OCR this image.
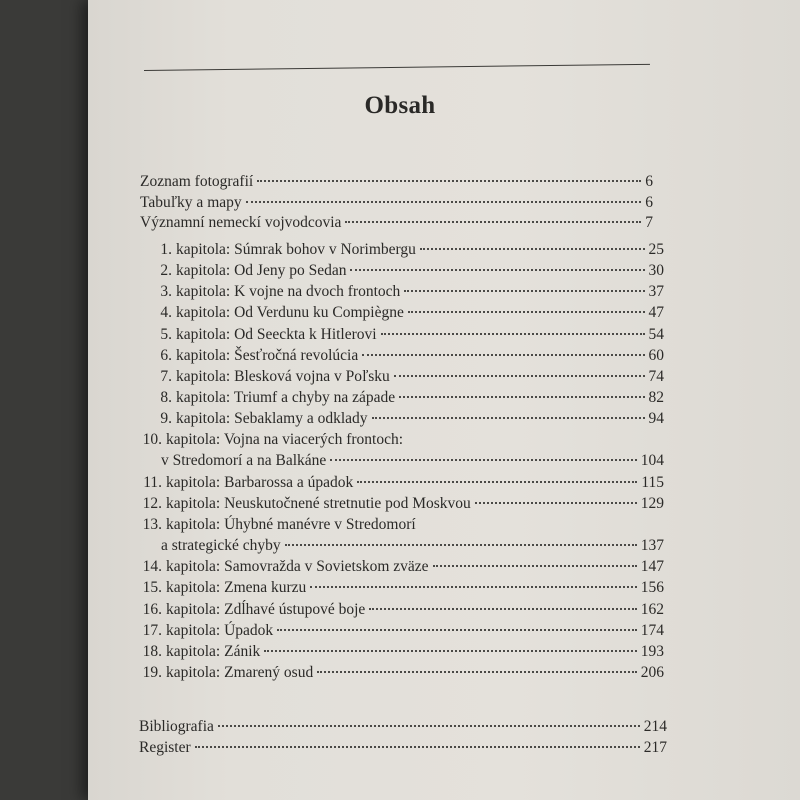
Obsah
Zoznam fotografií	6
Tabuľky a mapy	6
Významní nemeckí vojvodcovia	7
1. kapitola: Súmrak bohov v Norimbergu	25
2. kapitola: Od Jeny po Sedan	30
3. kapitola: K vojne na dvoch frontoch	37
4. kapitola: Od Verdunu ku Compiègne	47
5. kapitola: Od Seeckta k Hitlerovi	54
6. kapitola: Šesťročná revolúcia	60
7. kapitola: Blesková vojna v Poľsku	74
8. kapitola: Triumf a chyby na západe	82
9. kapitola: Sebaklamy a odklady	94
10. kapitola: Vojna na viacerých frontoch:
v Stredomorí a na Balkáne	104
11. kapitola: Barbarossa a úpadok	115
12. kapitola: Neuskutočnené stretnutie pod Moskvou	129
13. kapitola: Úhybné manévre v Stredomorí
a strategické chyby	137
14. kapitola: Samovražda v Sovietskom zväze	147
15. kapitola: Zmena kurzu	156
16. kapitola: Zdĺhavé ústupové boje	162
17. kapitola: Úpadok	174
18. kapitola: Zánik	193
19. kapitola: Zmarený osud	206
Bibliografia	214
Register	217
